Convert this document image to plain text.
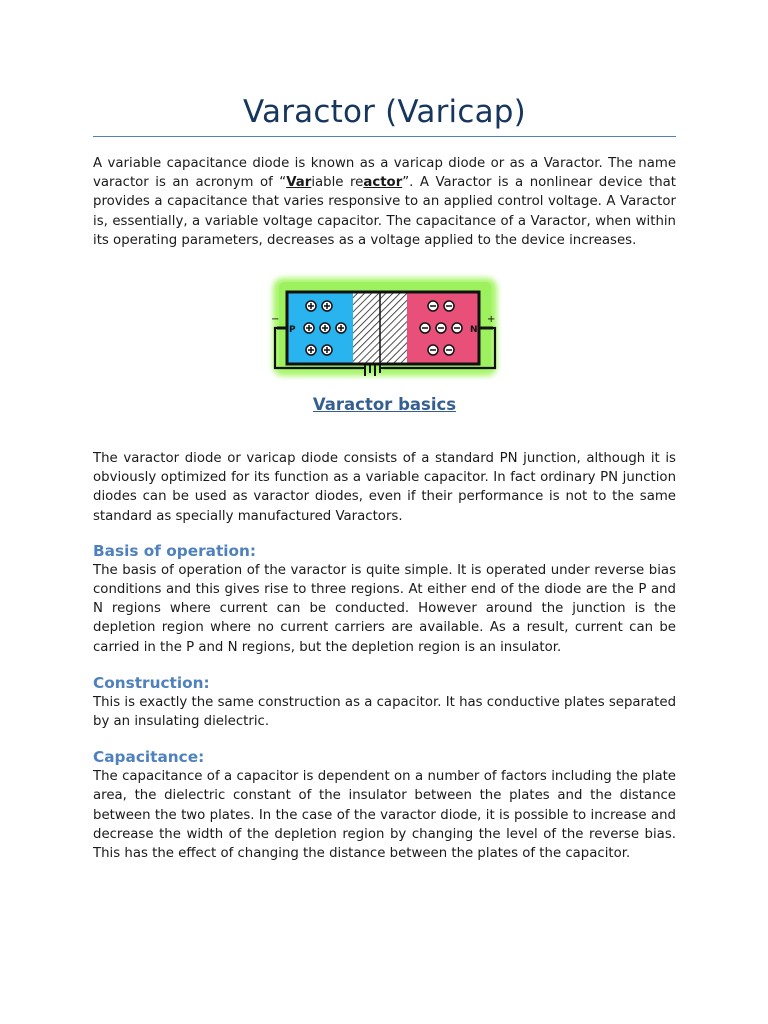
Varactor (Varicap)

A variable capacitance diode is known as a varicap diode or as a Varactor. The name varactor is an acronym of “Variable reactor”. A Varactor is a nonlinear device that provides a capacitance that varies responsive to an applied control voltage. A Varactor is, essentially, a variable voltage capacitor. The capacitance of a Varactor, when within its operating parameters, decreases as a voltage applied to the device increases.

−	+
P	N
Varactor basics

The varactor diode or varicap diode consists of a standard PN junction, although it is obviously optimized for its function as a variable capacitor. In fact ordinary PN junction diodes can be used as varactor diodes, even if their performance is not to the same standard as specially manufactured Varactors.

Basis of operation:

The basis of operation of the varactor is quite simple. It is operated under reverse bias conditions and this gives rise to three regions. At either end of the diode are the P and N regions where current can be conducted. However around the junction is the depletion region where no current carriers are available. As a result, current can be carried in the P and N regions, but the depletion region is an insulator.

Construction:

This is exactly the same construction as a capacitor. It has conductive plates separated by an insulating dielectric.

Capacitance:

The capacitance of a capacitor is dependent on a number of factors including the plate area, the dielectric constant of the insulator between the plates and the distance between the two plates. In the case of the varactor diode, it is possible to increase and decrease the width of the depletion region by changing the level of the reverse bias. This has the effect of changing the distance between the plates of the capacitor.
